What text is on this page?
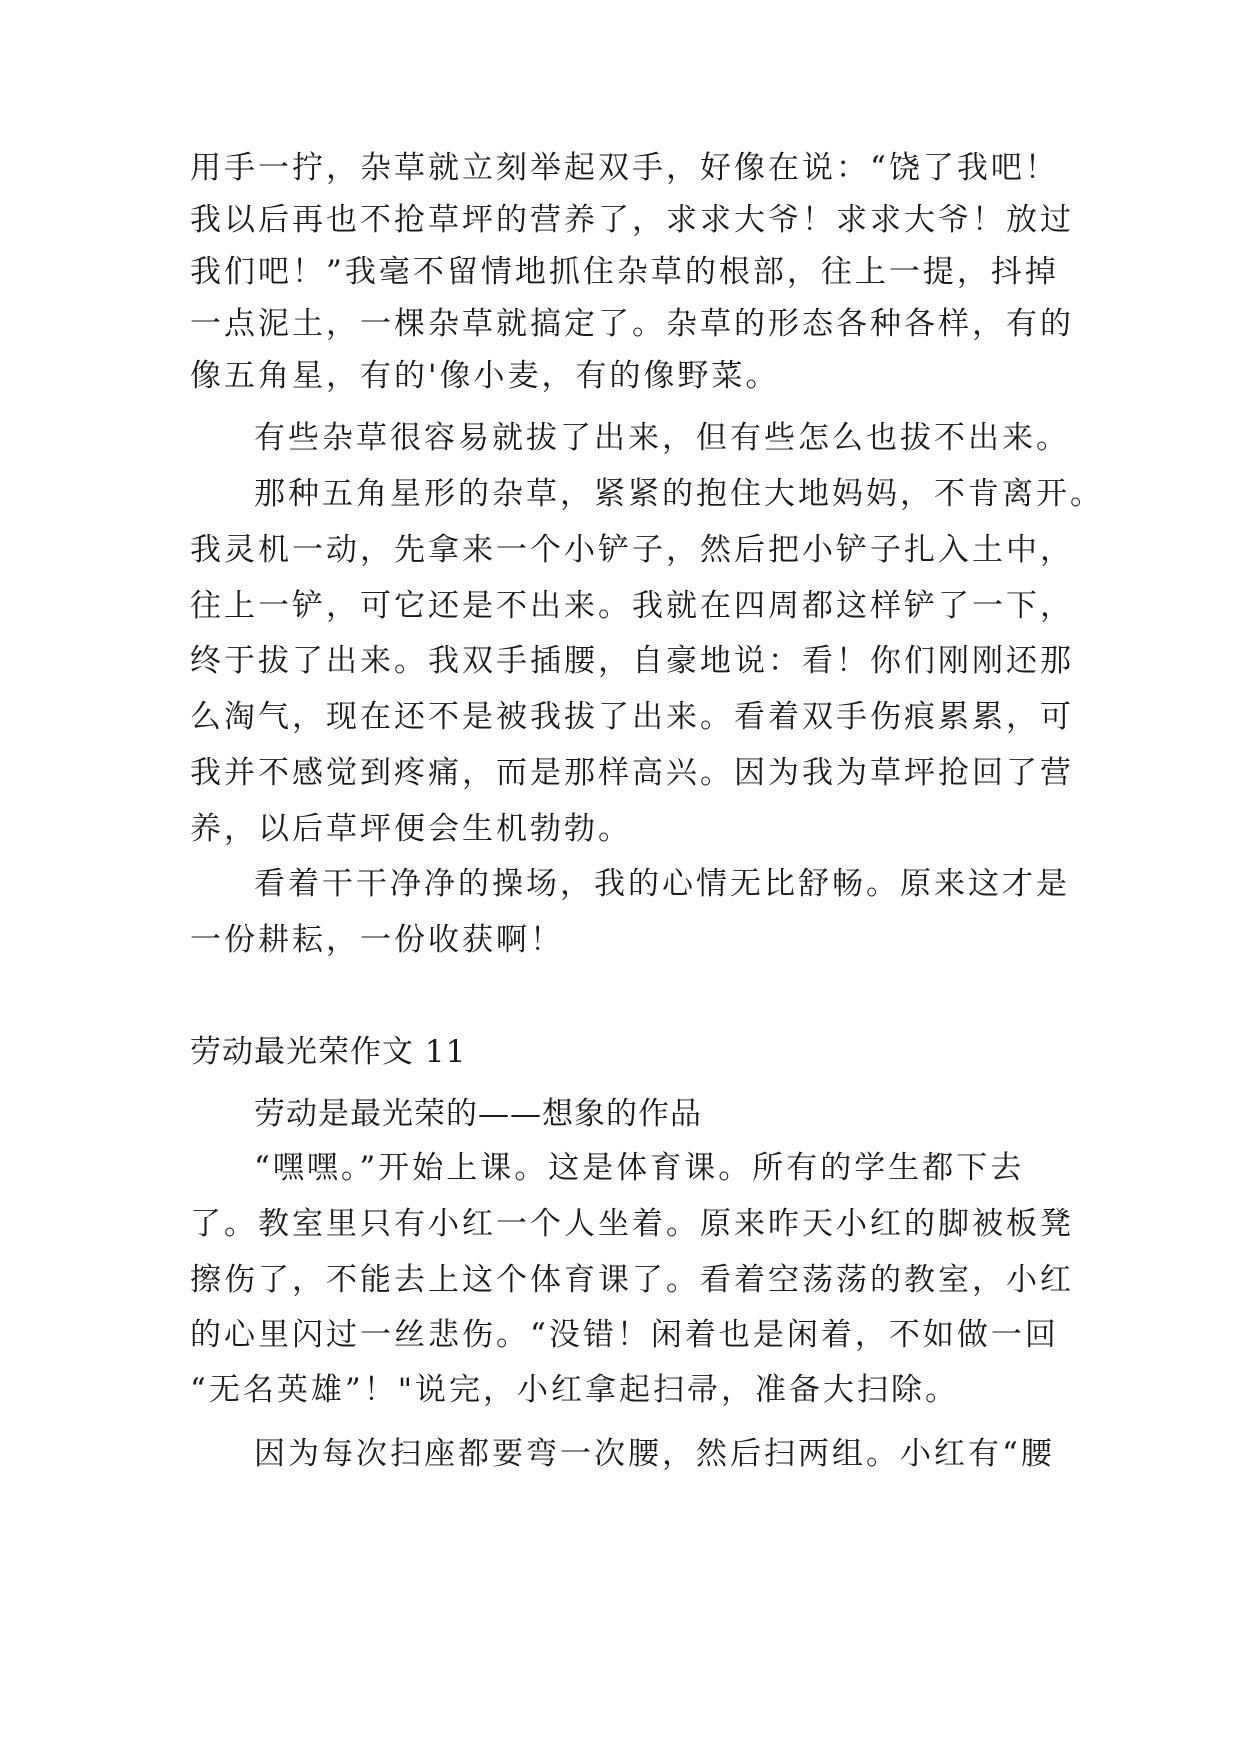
用手一拧，杂草就立刻举起双手，好像在说：“饶了我吧！
我以后再也不抢草坪的营养了，求求大爷！求求大爷！放过
我们吧！”我毫不留情地抓住杂草的根部，往上一提，抖掉
一点泥土，一棵杂草就搞定了。杂草的形态各种各样，有的
像五角星，有的'像小麦，有的像野菜。
有些杂草很容易就拔了出来，但有些怎么也拔不出来。
那种五角星形的杂草，紧紧的抱住大地妈妈，不肯离开。
我灵机一动，先拿来一个小铲子，然后把小铲子扎入土中，
往上一铲，可它还是不出来。我就在四周都这样铲了一下，
终于拔了出来。我双手插腰，自豪地说：看！你们刚刚还那
么淘气，现在还不是被我拔了出来。看着双手伤痕累累，可
我并不感觉到疼痛，而是那样高兴。因为我为草坪抢回了营
养，以后草坪便会生机勃勃。
看着干干净净的操场，我的心情无比舒畅。原来这才是
一份耕耘，一份收获啊！
劳动最光荣作文 11
劳动是最光荣的——想象的作品
“嘿嘿。”开始上课。这是体育课。所有的学生都下去
了。教室里只有小红一个人坐着。原来昨天小红的脚被板凳
擦伤了，不能去上这个体育课了。看着空荡荡的教室，小红
的心里闪过一丝悲伤。“没错！闲着也是闲着，不如做一回
“无名英雄”！"说完，小红拿起扫帚，准备大扫除。
因为每次扫座都要弯一次腰，然后扫两组。小红有“腰
